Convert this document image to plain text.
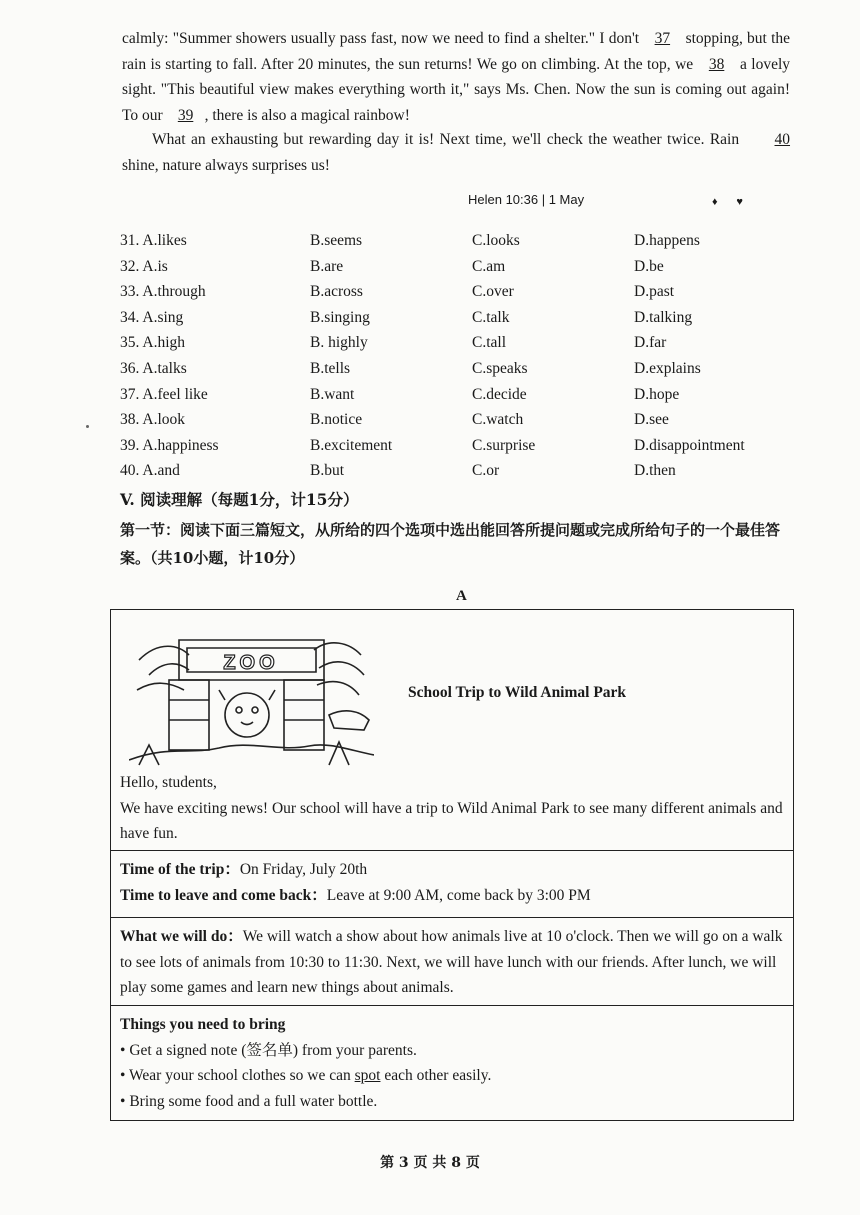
calmly: "Summer showers usually pass fast, now we need to find a shelter." I don't 37 stopping, but the rain is starting to fall. After 20 minutes, the sun returns! We go on climbing. At the top, we 38 a lovely sight. "This beautiful view makes everything worth it," says Ms. Chen. Now the sun is coming out again! To our 39 , there is also a magical rainbow!
What an exhausting but rewarding day it is! Next time, we'll check the weather twice. Rain 40 shine, nature always surprises us!
Helen 10:36 | 1 May	♦ ♥
31. A.likes	B.seems	C.looks	D.happens
32. A.is	B.are	C.am	D.be
33. A.through	B.across	C.over	D.past
34. A.sing	B.singing	C.talk	D.talking
35. A.high	B. highly	C.tall	D.far
36. A.talks	B.tells	C.speaks	D.explains
37. A.feel like	B.want	C.decide	D.hope
38. A.look	B.notice	C.watch	D.see
39. A.happiness	B.excitement	C.surprise	D.disappointment
40. A.and	B.but	C.or	D.then
V. 阅读理解（每题1分，计15分）
第一节：阅读下面三篇短文，从所给的四个选项中选出能回答所提问题或完成所给句子的一个最佳答案。（共10小题，计10分）
A
ZOO
School Trip to Wild Animal Park
Hello, students,
We have exciting news! Our school will have a trip to Wild Animal Park to see many different animals and have fun.
Time of the trip：On Friday, July 20th
Time to leave and come back：Leave at 9:00 AM, come back by 3:00 PM
What we will do：We will watch a show about how animals live at 10 o'clock. Then we will go on a walk to see lots of animals from 10:30 to 11:30. Next, we will have lunch with our friends. After lunch, we will play some games and learn new things about animals.
Things you need to bring
• Get a signed note (签名单) from your parents.
• Wear your school clothes so we can spot each other easily.
• Bring some food and a full water bottle.
第 3 页 共 8 页
